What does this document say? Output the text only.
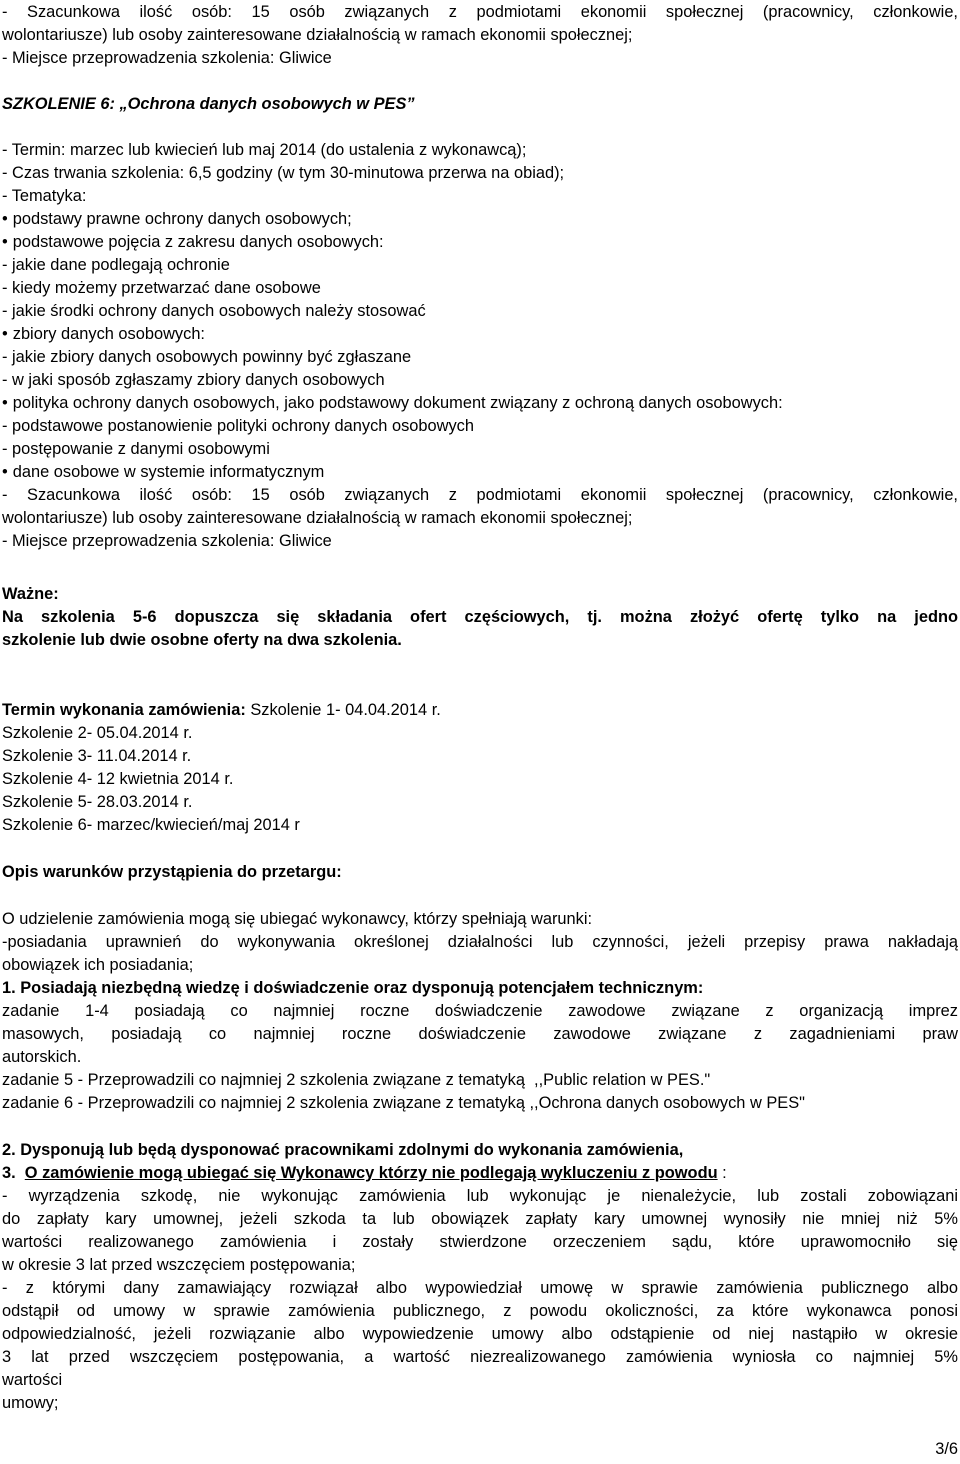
- Szacunkowa ilość osób: 15 osób związanych z podmiotami ekonomii społecznej (pracownicy, członkowie,
wolontariusze) lub osoby zainteresowane działalnością w ramach ekonomii społecznej;
- Miejsce przeprowadzenia szkolenia: Gliwice
SZKOLENIE 6: „Ochrona danych osobowych w PES”
- Termin: marzec lub kwiecień lub maj 2014 (do ustalenia z wykonawcą);
- Czas trwania szkolenia: 6,5 godziny (w tym 30-minutowa przerwa na obiad);
- Tematyka:
• podstawy prawne ochrony danych osobowych;
• podstawowe pojęcia z zakresu danych osobowych:
- jakie dane podlegają ochronie
- kiedy możemy przetwarzać dane osobowe
- jakie środki ochrony danych osobowych należy stosować
• zbiory danych osobowych:
- jakie zbiory danych osobowych powinny być zgłaszane
- w jaki sposób zgłaszamy zbiory danych osobowych
• polityka ochrony danych osobowych, jako podstawowy dokument związany z ochroną danych osobowych:
- podstawowe postanowienie polityki ochrony danych osobowych
- postępowanie z danymi osobowymi
• dane osobowe w systemie informatycznym
- Szacunkowa ilość osób: 15 osób związanych z podmiotami ekonomii społecznej (pracownicy, członkowie,
wolontariusze) lub osoby zainteresowane działalnością w ramach ekonomii społecznej;
- Miejsce przeprowadzenia szkolenia: Gliwice
Ważne:
Na szkolenia 5-6 dopuszcza się składania ofert częściowych, tj. można złożyć ofertę tylko na jedno
szkolenie lub dwie osobne oferty na dwa szkolenia.
Termin wykonania zamówienia: Szkolenie 1- 04.04.2014 r.
Szkolenie 2- 05.04.2014 r.
Szkolenie 3- 11.04.2014 r.
Szkolenie 4- 12 kwietnia 2014 r.
Szkolenie 5- 28.03.2014 r.
Szkolenie 6- marzec/kwiecień/maj 2014 r
Opis warunków przystąpienia do przetargu:
O udzielenie zamówienia mogą się ubiegać wykonawcy, którzy spełniają warunki:
-posiadania uprawnień do wykonywania określonej działalności lub czynności, jeżeli przepisy prawa nakładają
obowiązek ich posiadania;
1. Posiadają niezbędną wiedzę i doświadczenie oraz dysponują potencjałem technicznym:
zadanie 1-4 posiadają co najmniej roczne doświadczenie zawodowe związane z organizacją imprez
masowych, posiadają co najmniej roczne doświadczenie zawodowe związane z zagadnieniami praw
autorskich.
zadanie 5 - Przeprowadzili co najmniej 2 szkolenia związane z tematyką  ,,Public relation w PES."
zadanie 6 - Przeprowadzili co najmniej 2 szkolenia związane z tematyką ,,Ochrona danych osobowych w PES"
2. Dysponują lub będą dysponować pracownikami zdolnymi do wykonania zamówienia,
3.  O zamówienie mogą ubiegać się Wykonawcy którzy nie podlegają wykluczeniu z powodu :
- wyrządzenia szkodę, nie wykonując zamówienia lub wykonując je nienależycie, lub zostali zobowiązani
do zapłaty kary umownej, jeżeli szkoda ta lub obowiązek zapłaty kary umownej wynosiły nie mniej niż 5%
wartości realizowanego zamówienia i zostały stwierdzone orzeczeniem sądu, które uprawomocniło się
w okresie 3 lat przed wszczęciem postępowania;
- z którymi dany zamawiający rozwiązał albo wypowiedział umowę w sprawie zamówienia publicznego albo
odstąpił od umowy w sprawie zamówienia publicznego, z powodu okoliczności, za które wykonawca ponosi
odpowiedzialność, jeżeli rozwiązanie albo wypowiedzenie umowy albo odstąpienie od niej nastąpiło w okresie
3 lat przed wszczęciem postępowania, a wartość niezrealizowanego zamówienia wyniosła co najmniej 5%
wartości
umowy;
3/6
